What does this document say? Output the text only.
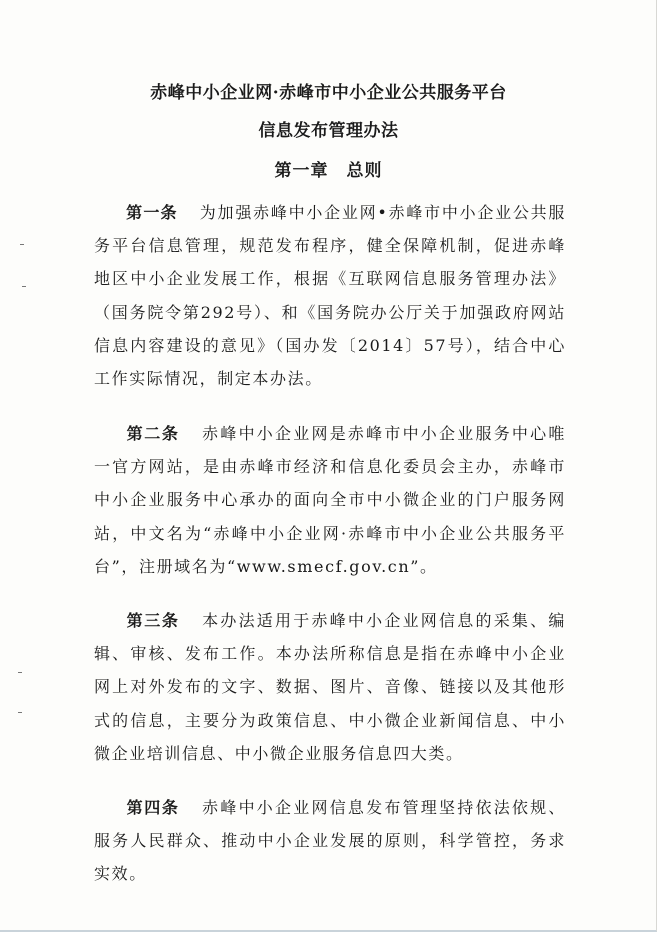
赤峰中小企业网·赤峰市中小企业公共服务平台
信息发布管理办法
第一章　总则
第一条 为加强赤峰中小企业网•赤峰市中小企业公共服务平台信息管理，规范发布程序，健全保障机制，促进赤峰地区中小企业发展工作，根据《互联网信息服务管理办法》（国务院令第292号）、和《国务院办公厅关于加强政府网站信息内容建设的意见》（国办发〔2014〕57号），结合中心工作实际情况，制定本办法。
第二条 赤峰中小企业网是赤峰市中小企业服务中心唯一官方网站，是由赤峰市经济和信息化委员会主办，赤峰市中小企业服务中心承办的面向全市中小微企业的门户服务网站，中文名为“赤峰中小企业网·赤峰市中小企业公共服务平台”，注册域名为“www.smecf.gov.cn”。
第三条 本办法适用于赤峰中小企业网信息的采集、编辑、审核、发布工作。本办法所称信息是指在赤峰中小企业网上对外发布的文字、数据、图片、音像、链接以及其他形式的信息，主要分为政策信息、中小微企业新闻信息、中小微企业培训信息、中小微企业服务信息四大类。
第四条 赤峰中小企业网信息发布管理坚持依法依规、服务人民群众、推动中小企业发展的原则，科学管控，务求实效。
